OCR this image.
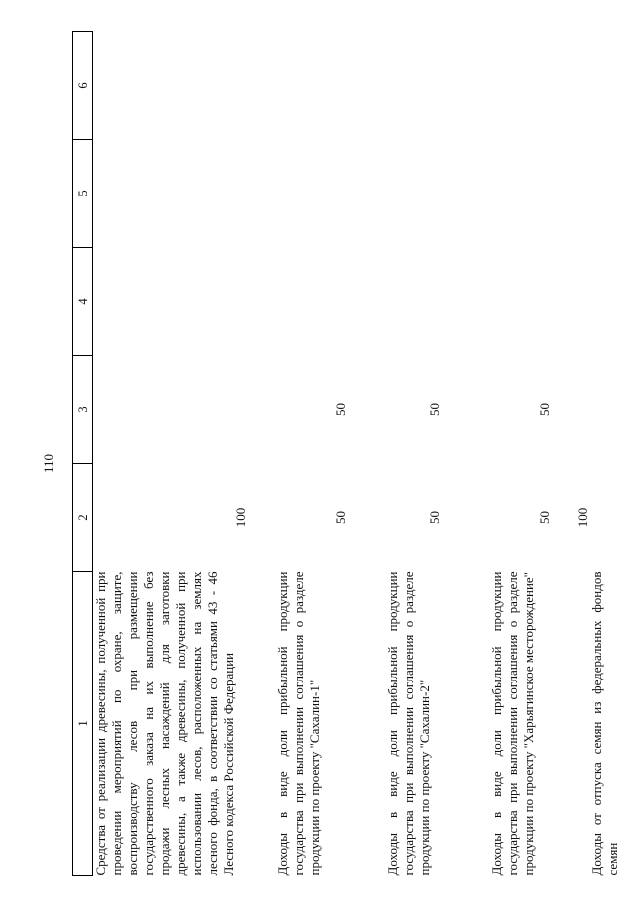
110
1	2	3	4	5	6
Средства от реализации древесины, полученной при проведении мероприятий по охране, защите, воспроизводству лесов при размещении государственного заказа на их выполнение без продажи лесных насаждений для заготовки древесины, а также древесины, полученной при использовании лесов, расположенных на землях лесного фонда, в соответствии со статьями 43 - 46 Лесного кодекса Российской Федерации	100				
Доходы в виде доли прибыльной продукции государства при выполнении соглашения о разделе продукции по проекту "Сахалин-1"	50	50			
Доходы в виде доли прибыльной продукции государства при выполнении соглашения о разделе продукции по проекту "Сахалин-2"	50	50			
Доходы в виде доли прибыльной продукции государства при выполнении соглашения о разделе продукции по проекту "Харьягинское месторождение"	50	50			
Доходы от отпуска семян из федеральных фондов семян	100				
